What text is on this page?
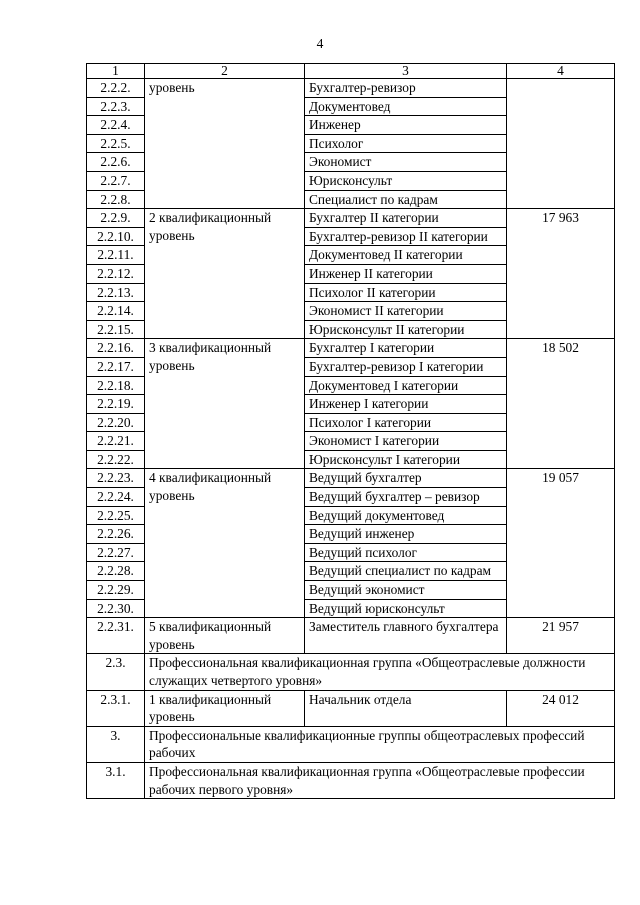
4
1	2	3	4
2.2.2.	уровень	Бухгалтер-ревизор	
2.2.3.		Документовед	
2.2.4.		Инженер	
2.2.5.		Психолог	
2.2.6.		Экономист	
2.2.7.		Юрисконсульт	
2.2.8.		Специалист по кадрам	
2.2.9.	2 квалификационный уровень	Бухгалтер II категории	17 963
2.2.10.		Бухгалтер-ревизор II категории	
2.2.11.		Документовед II категории	
2.2.12.		Инженер II категории	
2.2.13.		Психолог II категории	
2.2.14.		Экономист II категории	
2.2.15.		Юрисконсульт II категории	
2.2.16.	3 квалификационный уровень	Бухгалтер I категории	18 502
2.2.17.		Бухгалтер-ревизор I категории	
2.2.18.		Документовед I категории	
2.2.19.		Инженер I категории	
2.2.20.		Психолог I категории	
2.2.21.		Экономист I категории	
2.2.22.		Юрисконсульт I категории	
2.2.23.	4 квалификационный уровень	Ведущий бухгалтер	19 057
2.2.24.		Ведущий бухгалтер – ревизор	
2.2.25.		Ведущий документовед	
2.2.26.		Ведущий инженер	
2.2.27.		Ведущий психолог	
2.2.28.		Ведущий специалист по кадрам	
2.2.29.		Ведущий экономист	
2.2.30.		Ведущий юрисконсульт	
2.2.31.	5 квалификационный уровень	Заместитель главного бухгалтера	21 957
2.3.	Профессиональная квалификационная группа «Общеотраслевые должности служащих четвертого уровня»		
2.3.1.	1 квалификационный уровень	Начальник отдела	24 012
3.	Профессиональные квалификационные группы общеотраслевых профессий рабочих		
3.1.	Профессиональная квалификационная группа «Общеотраслевые профессии рабочих первого уровня»		
